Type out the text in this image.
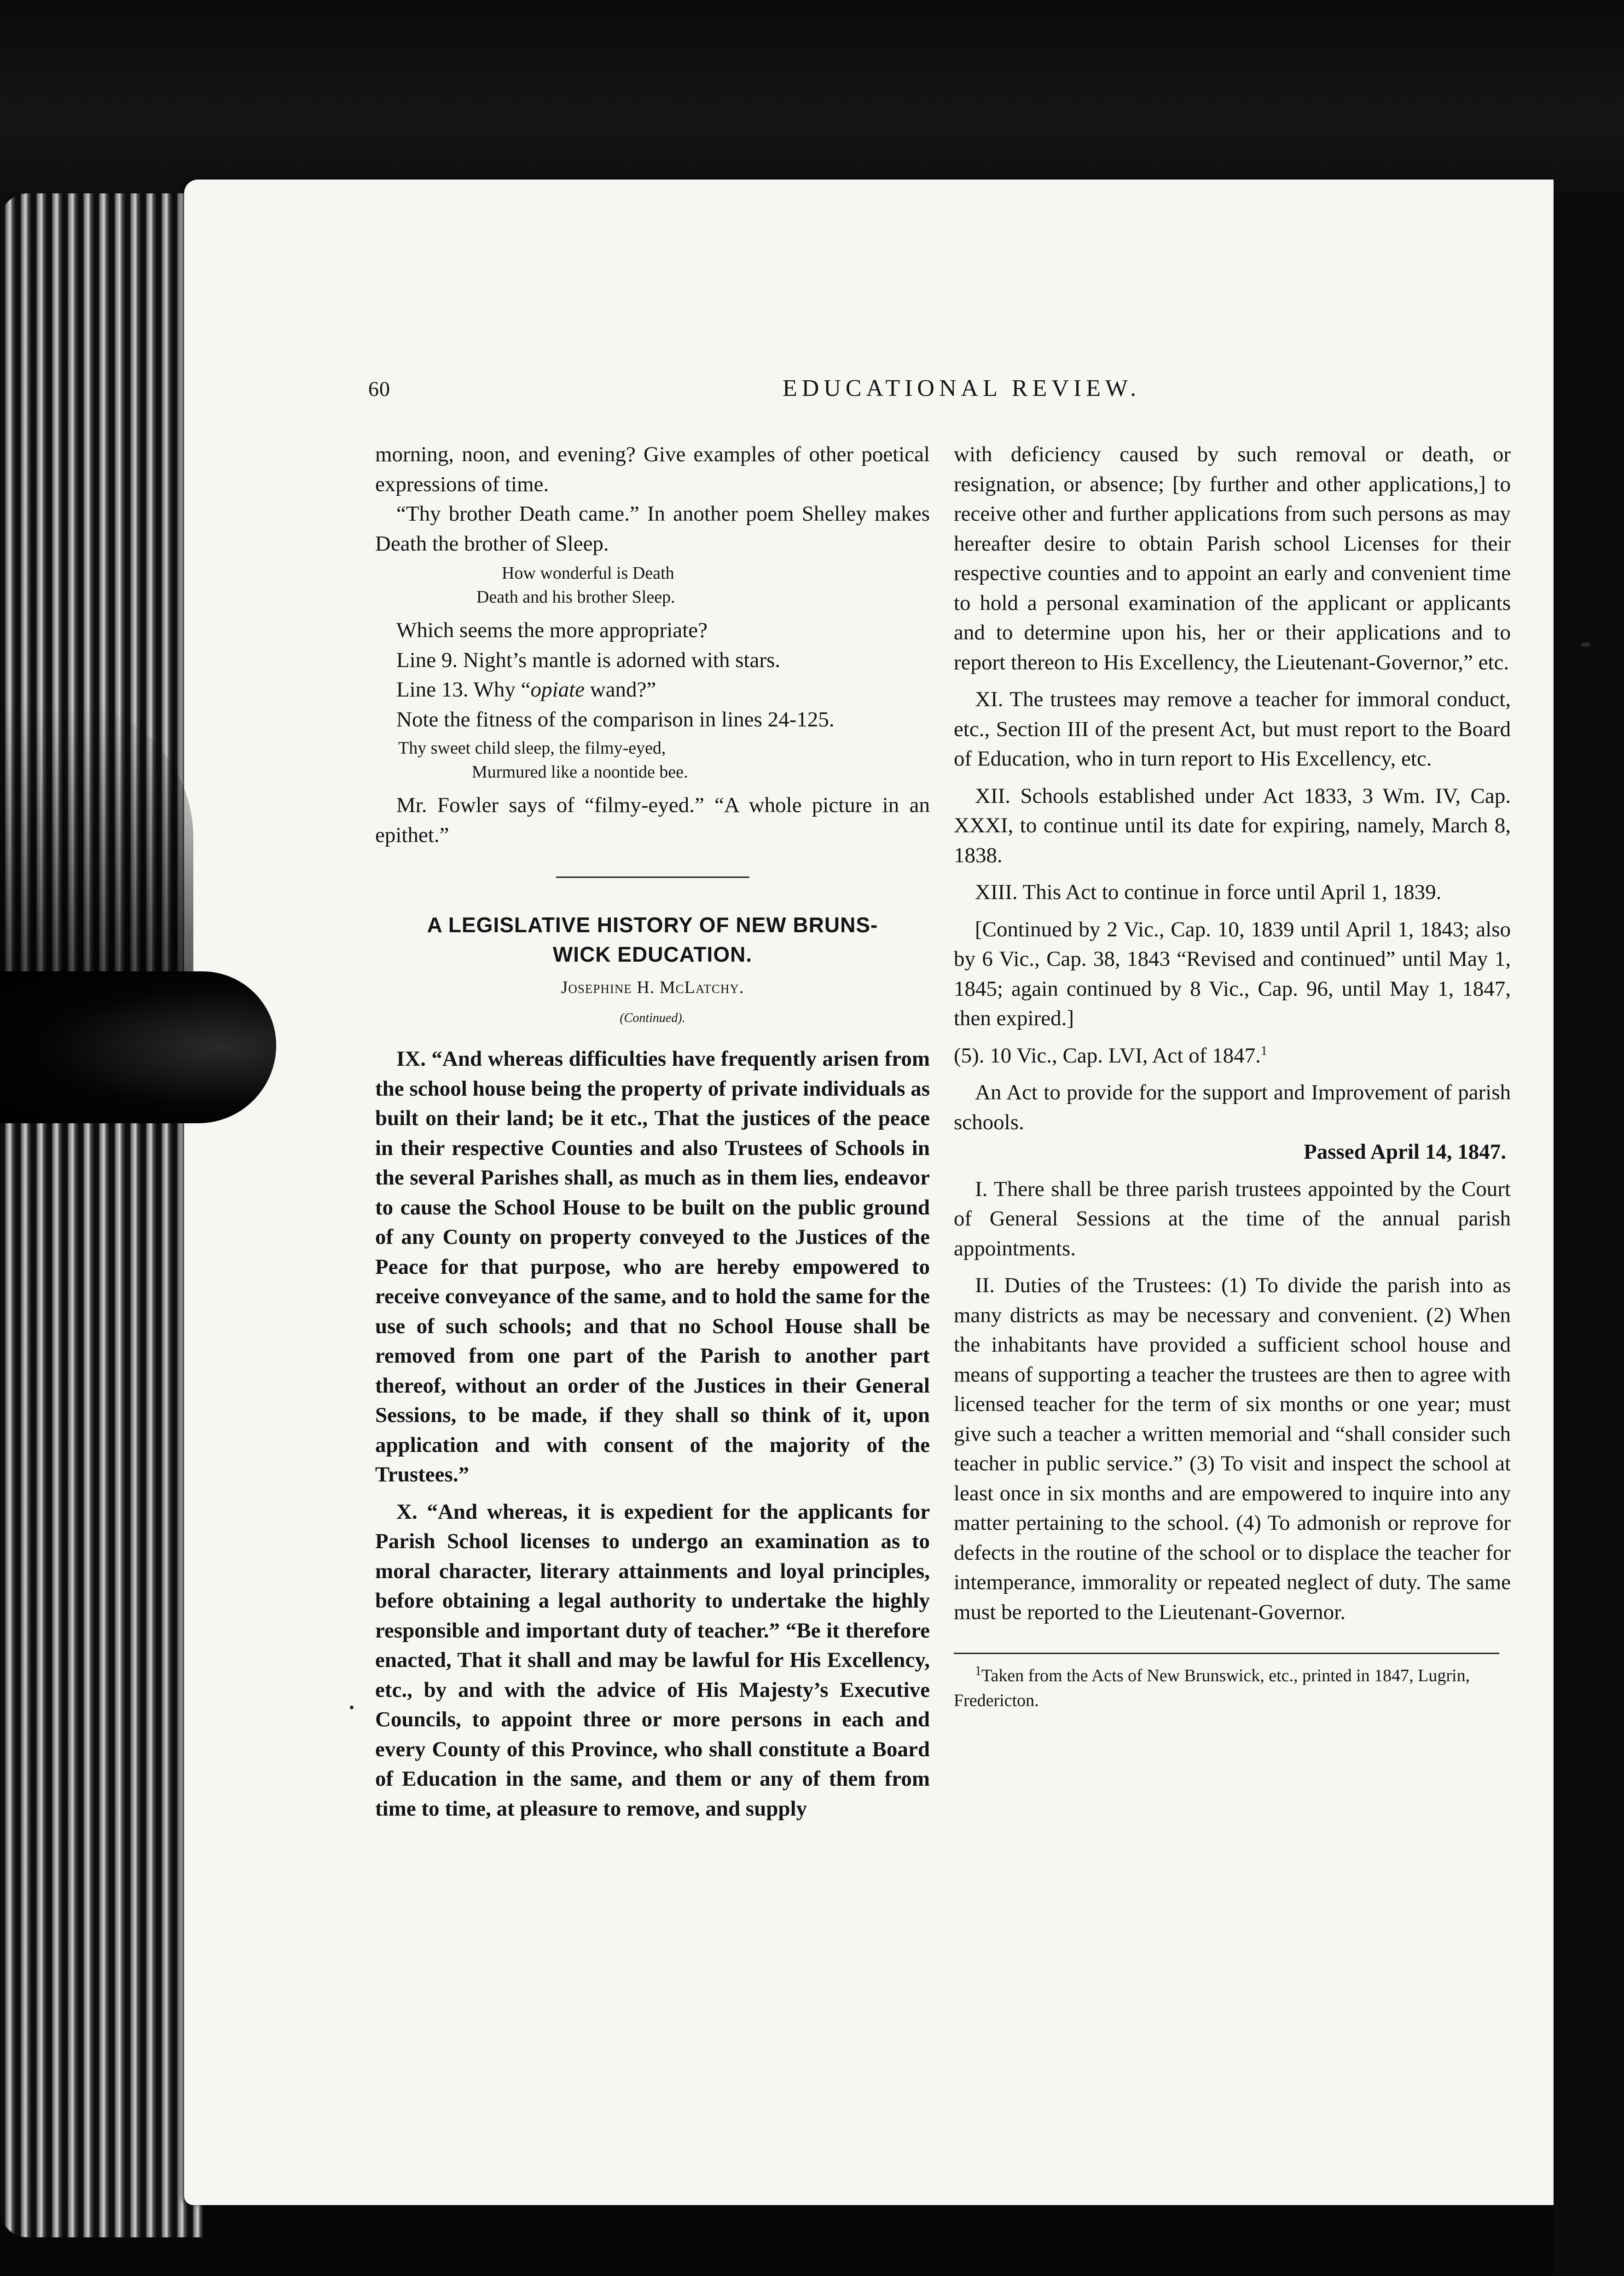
60	EDUCATIONAL REVIEW.

morning, noon, and evening? Give examples of other poetical expressions of time.

“Thy brother Death came.” In another poem Shelley makes Death the brother of Sleep.

How wonderful is Death
Death and his brother Sleep.

Which seems the more appropriate?

Line 9. Night’s mantle is adorned with stars.

Line 13. Why “opiate wand?”

Note the fitness of the comparison in lines 24-125.

Thy sweet child sleep, the filmy-eyed,
Murmured like a noontide bee.

Mr. Fowler says of “filmy-eyed.” “A whole picture in an epithet.”

A LEGISLATIVE HISTORY OF NEW BRUNS-
WICK EDUCATION.
Josephine H. McLatchy.
(Continued).

IX. “And whereas difficulties have frequently arisen from the school house being the property of private individuals as built on their land; be it etc., That the justices of the peace in their respective Counties and also Trustees of Schools in the several Parishes shall, as much as in them lies, endeavor to cause the School House to be built on the public ground of any County on property conveyed to the Justices of the Peace for that purpose, who are hereby empowered to receive conveyance of the same, and to hold the same for the use of such schools; and that no School House shall be removed from one part of the Parish to another part thereof, without an order of the Justices in their General Sessions, to be made, if they shall so think of it, upon application and with consent of the majority of the Trustees.”

X. “And whereas, it is expedient for the applicants for Parish School licenses to undergo an examination as to moral character, literary attainments and loyal principles, before obtaining a legal authority to undertake the highly responsible and important duty of teacher.” “Be it therefore enacted, That it shall and may be lawful for His Excellency, etc., by and with the advice of His Majesty’s Executive Councils, to appoint three or more persons in each and every County of this Province, who shall constitute a Board of Education in the same, and them or any of them from time to time, at pleasure to remove, and supply

with deficiency caused by such removal or death, or resignation, or absence; [by further and other applications,] to receive other and further applications from such persons as may hereafter desire to obtain Parish school Licenses for their respective counties and to appoint an early and convenient time to hold a personal examination of the applicant or applicants and to determine upon his, her or their applications and to report thereon to His Excellency, the Lieutenant-Governor,” etc.

XI. The trustees may remove a teacher for immoral conduct, etc., Section III of the present Act, but must report to the Board of Education, who in turn report to His Excellency, etc.

XII. Schools established under Act 1833, 3 Wm. IV, Cap. XXXI, to continue until its date for expiring, namely, March 8, 1838.

XIII. This Act to continue in force until April 1, 1839.

[Continued by 2 Vic., Cap. 10, 1839 until April 1, 1843; also by 6 Vic., Cap. 38, 1843 “Revised and continued” until May 1, 1845; again continued by 8 Vic., Cap. 96, until May 1, 1847, then expired.]

(5). 10 Vic., Cap. LVI, Act of 1847.$^1$

An Act to provide for the support and Improvement of parish schools.

Passed April 14, 1847.

I. There shall be three parish trustees appointed by the Court of General Sessions at the time of the annual parish appointments.

II. Duties of the Trustees: (1) To divide the parish into as many districts as may be necessary and convenient. (2) When the inhabitants have provided a sufficient school house and means of supporting a teacher the trustees are then to agree with licensed teacher for the term of six months or one year; must give such a teacher a written memorial and “shall consider such teacher in public service.” (3) To visit and inspect the school at least once in six months and are empowered to inquire into any matter pertaining to the school. (4) To admonish or reprove for defects in the routine of the school or to displace the teacher for intemperance, immorality or repeated neglect of duty. The same must be reported to the Lieutenant-Governor.

$^1$Taken from the Acts of New Brunswick, etc., printed in 1847, Lugrin, Fredericton.
